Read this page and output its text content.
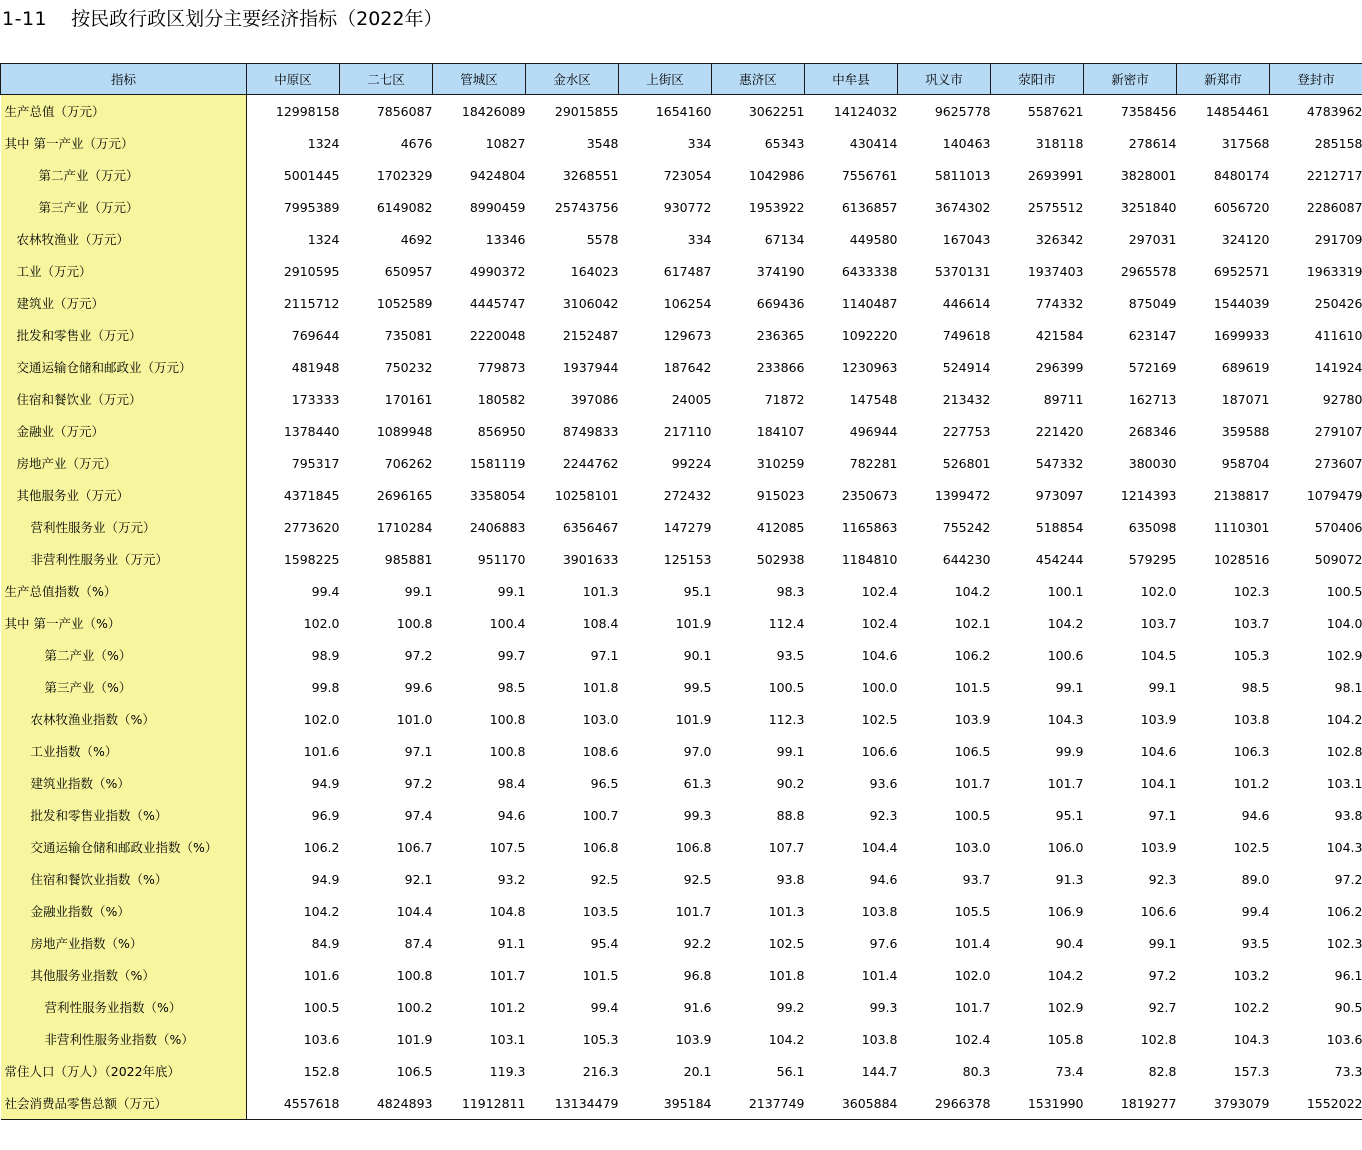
1-11 按民政行政区划分主要经济指标（2022年）
指标	中原区	二七区	管城区	金水区	上街区	惠济区	中牟县	巩义市	荥阳市	新密市	新郑市	登封市
生产总值（万元）	12998158	7856087	18426089	29015855	1654160	3062251	14124032	9625778	5587621	7358456	14854461	4783962
其中 第一产业（万元）	1324	4676	10827	3548	334	65343	430414	140463	318118	278614	317568	285158
第二产业（万元）	5001445	1702329	9424804	3268551	723054	1042986	7556761	5811013	2693991	3828001	8480174	2212717
第三产业（万元）	7995389	6149082	8990459	25743756	930772	1953922	6136857	3674302	2575512	3251840	6056720	2286087
农林牧渔业（万元）	1324	4692	13346	5578	334	67134	449580	167043	326342	297031	324120	291709
工业（万元）	2910595	650957	4990372	164023	617487	374190	6433338	5370131	1937403	2965578	6952571	1963319
建筑业（万元）	2115712	1052589	4445747	3106042	106254	669436	1140487	446614	774332	875049	1544039	250426
批发和零售业（万元）	769644	735081	2220048	2152487	129673	236365	1092220	749618	421584	623147	1699933	411610
交通运输仓储和邮政业（万元）	481948	750232	779873	1937944	187642	233866	1230963	524914	296399	572169	689619	141924
住宿和餐饮业（万元）	173333	170161	180582	397086	24005	71872	147548	213432	89711	162713	187071	92780
金融业（万元）	1378440	1089948	856950	8749833	217110	184107	496944	227753	221420	268346	359588	279107
房地产业（万元）	795317	706262	1581119	2244762	99224	310259	782281	526801	547332	380030	958704	273607
其他服务业（万元）	4371845	2696165	3358054	10258101	272432	915023	2350673	1399472	973097	1214393	2138817	1079479
营利性服务业（万元）	2773620	1710284	2406883	6356467	147279	412085	1165863	755242	518854	635098	1110301	570406
非营利性服务业（万元）	1598225	985881	951170	3901633	125153	502938	1184810	644230	454244	579295	1028516	509072
生产总值指数（%）	99.4	99.1	99.1	101.3	95.1	98.3	102.4	104.2	100.1	102.0	102.3	100.5
其中 第一产业（%）	102.0	100.8	100.4	108.4	101.9	112.4	102.4	102.1	104.2	103.7	103.7	104.0
第二产业（%）	98.9	97.2	99.7	97.1	90.1	93.5	104.6	106.2	100.6	104.5	105.3	102.9
第三产业（%）	99.8	99.6	98.5	101.8	99.5	100.5	100.0	101.5	99.1	99.1	98.5	98.1
农林牧渔业指数（%）	102.0	101.0	100.8	103.0	101.9	112.3	102.5	103.9	104.3	103.9	103.8	104.2
工业指数（%）	101.6	97.1	100.8	108.6	97.0	99.1	106.6	106.5	99.9	104.6	106.3	102.8
建筑业指数（%）	94.9	97.2	98.4	96.5	61.3	90.2	93.6	101.7	101.7	104.1	101.2	103.1
批发和零售业指数（%）	96.9	97.4	94.6	100.7	99.3	88.8	92.3	100.5	95.1	97.1	94.6	93.8
交通运输仓储和邮政业指数（%）	106.2	106.7	107.5	106.8	106.8	107.7	104.4	103.0	106.0	103.9	102.5	104.3
住宿和餐饮业指数（%）	94.9	92.1	93.2	92.5	92.5	93.8	94.6	93.7	91.3	92.3	89.0	97.2
金融业指数（%）	104.2	104.4	104.8	103.5	101.7	101.3	103.8	105.5	106.9	106.6	99.4	106.2
房地产业指数（%）	84.9	87.4	91.1	95.4	92.2	102.5	97.6	101.4	90.4	99.1	93.5	102.3
其他服务业指数（%）	101.6	100.8	101.7	101.5	96.8	101.8	101.4	102.0	104.2	97.2	103.2	96.1
营利性服务业指数（%）	100.5	100.2	101.2	99.4	91.6	99.2	99.3	101.7	102.9	92.7	102.2	90.5
非营利性服务业指数（%）	103.6	101.9	103.1	105.3	103.9	104.2	103.8	102.4	105.8	102.8	104.3	103.6
常住人口（万人）（2022年底）	152.8	106.5	119.3	216.3	20.1	56.1	144.7	80.3	73.4	82.8	157.3	73.3
社会消费品零售总额（万元）	4557618	4824893	11912811	13134479	395184	2137749	3605884	2966378	1531990	1819277	3793079	1552022
